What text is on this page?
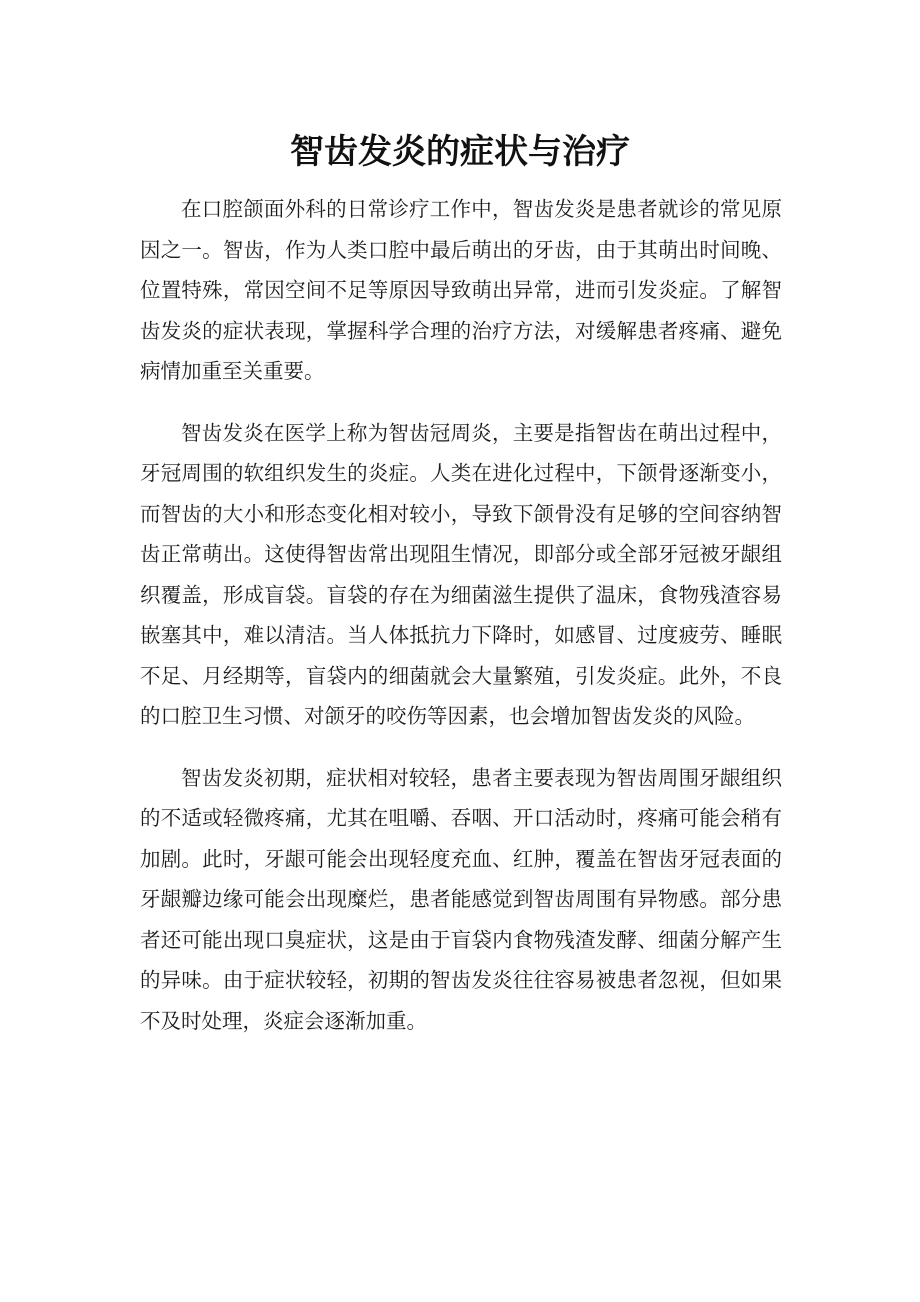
智齿发炎的症状与治疗

在口腔颌面外科的日常诊疗工作中，智齿发炎是患者就诊的常见原因之一。智齿，作为人类口腔中最后萌出的牙齿，由于其萌出时间晚、位置特殊，常因空间不足等原因导致萌出异常，进而引发炎症。了解智齿发炎的症状表现，掌握科学合理的治疗方法，对缓解患者疼痛、避免病情加重至关重要。

智齿发炎在医学上称为智齿冠周炎，主要是指智齿在萌出过程中，牙冠周围的软组织发生的炎症。人类在进化过程中，下颌骨逐渐变小，而智齿的大小和形态变化相对较小，导致下颌骨没有足够的空间容纳智齿正常萌出。这使得智齿常出现阻生情况，即部分或全部牙冠被牙龈组织覆盖，形成盲袋。盲袋的存在为细菌滋生提供了温床，食物残渣容易嵌塞其中，难以清洁。当人体抵抗力下降时，如感冒、过度疲劳、睡眠不足、月经期等，盲袋内的细菌就会大量繁殖，引发炎症。此外，不良的口腔卫生习惯、对颌牙的咬伤等因素，也会增加智齿发炎的风险。

智齿发炎初期，症状相对较轻，患者主要表现为智齿周围牙龈组织的不适或轻微疼痛，尤其在咀嚼、吞咽、开口活动时，疼痛可能会稍有加剧。此时，牙龈可能会出现轻度充血、红肿，覆盖在智齿牙冠表面的牙龈瓣边缘可能会出现糜烂，患者能感觉到智齿周围有异物感。部分患者还可能出现口臭症状，这是由于盲袋内食物残渣发酵、细菌分解产生的异味。由于症状较轻，初期的智齿发炎往往容易被患者忽视，但如果不及时处理，炎症会逐渐加重。
